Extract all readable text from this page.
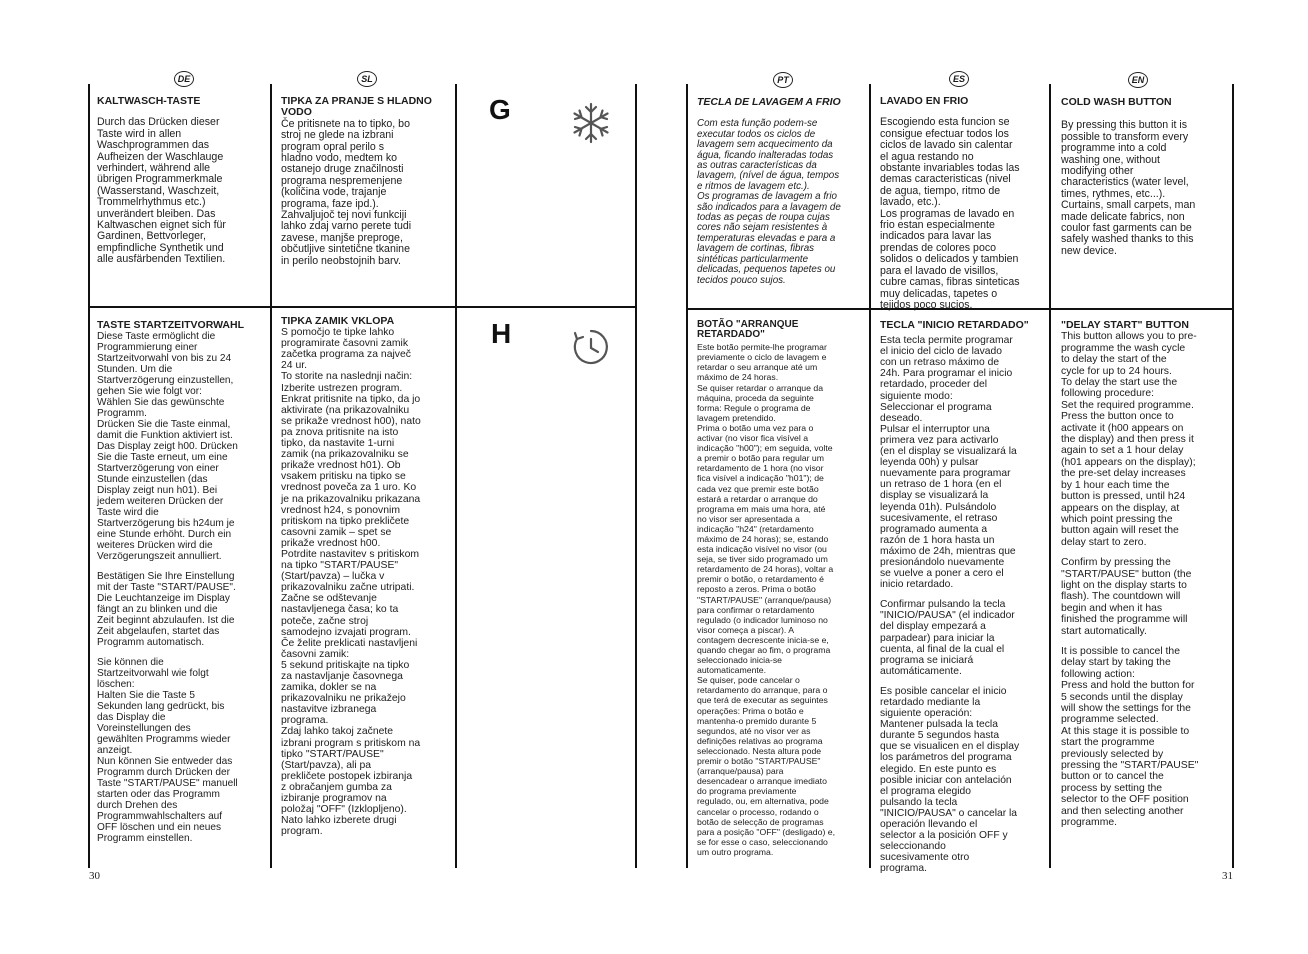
DE	SL
KALTWASCH-TASTE

Durch das Drücken dieser
Taste wird in allen
Waschprogrammen das
Aufheizen der Waschlauge
verhindert, während alle
übrigen Programmerkmale
(Wasserstand, Waschzeit,
Trommelrhythmus etc.)
unverändert bleiben. Das
Kaltwaschen eignet sich für
Gardinen, Bettvorleger,
empfindliche Synthetik und
alle ausfärbenden Textilien.

TASTE STARTZEITVORWAHL

Diese Taste ermöglicht die
Programmierung einer
Startzeitvorwahl von bis zu 24
Stunden. Um die
Startverzögerung einzustellen,
gehen Sie wie folgt vor:
Wählen Sie das gewünschte
Programm.
Drücken Sie die Taste einmal,
damit die Funktion aktiviert ist.
Das Display zeigt h00. Drücken
Sie die Taste erneut, um eine
Startverzögerung von einer
Stunde einzustellen (das
Display zeigt nun h01). Bei
jedem weiteren Drücken der
Taste wird die
Startverzögerung bis h24um je
eine Stunde erhöht. Durch ein
weiteres Drücken wird die
Verzögerungszeit annulliert.

Bestätigen Sie Ihre Einstellung
mit der Taste "START/PAUSE".
Die Leuchtanzeige im Display
fängt an zu blinken und die
Zeit beginnt abzulaufen. Ist die
Zeit abgelaufen, startet das
Programm automatisch.

Sie können die
Startzeitvorwahl wie folgt
löschen:
Halten Sie die Taste 5
Sekunden lang gedrückt, bis
das Display die
Voreinstellungen des
gewählten Programms wieder
anzeigt.
Nun können Sie entweder das
Programm durch Drücken der
Taste "START/PAUSE" manuell
starten oder das Programm
durch Drehen des
Programmwahlschalters auf
OFF löschen und ein neues
Programm einstellen.

TIPKA ZA PRANJE S HLADNO
VODO

Če pritisnete na to tipko, bo
stroj ne glede na izbrani
program opral perilo s
hladno vodo, medtem ko
ostanejo druge značilnosti
programa nespremenjene
(količina vode, trajanje
programa, faze ipd.).
Zahvaljujoč tej novi funkciji
lahko zdaj varno perete tudi
zavese, manjše preproge,
občutljive sintetične tkanine
in perilo neobstojnih barv.

TIPKA ZAMIK VKLOPA

S pomočjo te tipke lahko
programirate časovni zamik
začetka programa za največ
24 ur.
To storite na naslednji način:
Izberite ustrezen program.
Enkrat pritisnite na tipko, da jo
aktivirate (na prikazovalniku
se prikaže vrednost h00), nato
pa znova pritisnite na isto
tipko, da nastavite 1-urni
zamik (na prikazovalniku se
prikaže vrednost h01). Ob
vsakem pritisku na tipko se
vrednost poveča za 1 uro. Ko
je na prikazovalniku prikazana
vrednost h24, s ponovnim
pritiskom na tipko prekličete
casovni zamik – spet se
prikaže vrednost h00.
Potrdite nastavitev s pritiskom
na tipko "START/PAUSE"
(Start/pavza) – lučka v
prikazovalniku začne utripati.
Začne se odštevanje
nastavljenega časa; ko ta
poteče, začne stroj
samodejno izvajati program.
Če želite preklicati nastavljeni
časovni zamik:
5 sekund pritiskajte na tipko
za nastavljanje časovnega
zamika, dokler se na
prikazovalniku ne prikažejo
nastavitve izbranega
programa.
Zdaj lahko takoj začnete
izbrani program s pritiskom na
tipko "START/PAUSE"
(Start/pavza), ali pa
prekličete postopek izbiranja
z obračanjem gumba za
izbiranje programov na
položaj "OFF" (Izklopljeno).
Nato lahko izberete drugi
program.

G
H
30
PT	ES	EN
TECLA DE LAVAGEM A FRIO

Com esta função podem-se
executar todos os ciclos de
lavagem sem acquecimento da
água, ficando inalteradas todas
as outras características da
lavagem, (nível de água, tempos
e ritmos de lavagem etc.).
Os programas de lavagem a frio
são indicados para a lavagem de
todas as peças de roupa cujas
cores não sejam resistentes à
temperaturas elevadas e para a
lavagem de cortinas, fibras
sintéticas particularmente
delicadas, pequenos tapetes ou
tecidos pouco sujos.

BOTÃO "ARRANQUE
RETARDADO"

Este botão permite-lhe programar
previamente o ciclo de lavagem e
retardar o seu arranque até um
máximo de 24 horas.
Se quiser retardar o arranque da
máquina, proceda da seguinte
forma: Regule o programa de
lavagem pretendido.
Prima o botão uma vez para o
activar (no visor fica visível a
indicação "h00"); em seguida, volte
a premir o botão para regular um
retardamento de 1 hora (no visor
fica visível a indicação "h01"); de
cada vez que premir este botão
estará a retardar o arranque do
programa em mais uma hora, até
no visor ser apresentada a
indicação "h24" (retardamento
máximo de 24 horas); se, estando
esta indicação visível no visor (ou
seja, se tiver sido programado um
retardamento de 24 horas), voltar a
premir o botão, o retardamento é
reposto a zeros. Prima o botão
"START/PAUSE" (arranque/pausa)
para confirmar o retardamento
regulado (o indicador luminoso no
visor começa a piscar). A
contagem decrescente inicia-se e,
quando chegar ao fim, o programa
seleccionado inicia-se
automaticamente.
Se quiser, pode cancelar o
retardamento do arranque, para o
que terá de executar as seguintes
operações: Prima o botão e
mantenha-o premido durante 5
segundos, até no visor ver as
definições relativas ao programa
seleccionado. Nesta altura pode
premir o botão "START/PAUSE"
(arranque/pausa) para
desencadear o arranque imediato
do programa previamente
regulado, ou, em alternativa, pode
cancelar o processo, rodando o
botão de selecção de programas
para a posição "OFF" (desligado) e,
se for esse o caso, seleccionando
um outro programa.

LAVADO EN FRIO

Escogiendo esta funcion se
consigue efectuar todos los
ciclos de lavado sin calentar
el agua restando no
obstante invariables todas las
demas caracteristicas (nivel
de agua, tiempo, ritmo de
lavado, etc.).
Los programas de lavado en
frio estan especialmente
indicados para lavar las
prendas de colores poco
solidos o delicados y tambien
para el lavado de visillos,
cubre camas, fibras sinteticas
muy delicadas, tapetes o
tejidos poco sucios.

TECLA "INICIO RETARDADO"

Esta tecla permite programar
el inicio del ciclo de lavado
con un retraso máximo de
24h. Para programar el inicio
retardado, proceder del
siguiente modo:
Seleccionar el programa
deseado.
Pulsar el interruptor una
primera vez para activarlo
(en el display se visualizará la
leyenda 00h) y pulsar
nuevamente para programar
un retraso de 1 hora (en el
display se visualizará la
leyenda 01h). Pulsándolo
sucesivamente, el retraso
programado aumenta a
razón de 1 hora hasta un
máximo de 24h, mientras que
presionándolo nuevamente
se vuelve a poner a cero el
inicio retardado.

Confirmar pulsando la tecla
"INICIO/PAUSA" (el indicador
del display empezará a
parpadear) para iniciar la
cuenta, al final de la cual el
programa se iniciará
automáticamente.

Es posible cancelar el inicio
retardado mediante la
siguiente operación:
Mantener pulsada la tecla
durante 5 segundos hasta
que se visualicen en el display
los parámetros del programa
elegido. En este punto es
posible iniciar con antelación
el programa elegido
pulsando la tecla
"INICIO/PAUSA" o cancelar la
operación llevando el
selector a la posición OFF y
seleccionando
sucesivamente otro
programa.

COLD WASH BUTTON

By pressing this button it is
possible to transform every
programme into a cold
washing one, without
modifying other
characteristics (water level,
times, rythmes, etc...).
Curtains, small carpets, man
made delicate fabrics, non
coulor fast garments can be
safely washed thanks to this
new device.

"DELAY START" BUTTON

This button allows you to pre-
programme the wash cycle
to delay the start of the
cycle for up to 24 hours.
To delay the start use the
following procedure:
Set the required programme.
Press the button once to
activate it (h00 appears on
the display) and then press it
again to set a 1 hour delay
(h01 appears on the display);
the pre-set delay increases
by 1 hour each time the
button is pressed, until h24
appears on the display, at
which point pressing the
button again will reset the
delay start to zero.

Confirm by pressing the
"START/PAUSE" button (the
light on the display starts to
flash). The countdown will
begin and when it has
finished the programme will
start automatically.

It is possible to cancel the
delay start by taking the
following action:
Press and hold the button for
5 seconds until the display
will show the settings for the
programme selected.
At this stage it is possible to
start the programme
previously selected by
pressing the "START/PAUSE"
button or to cancel the
process by setting the
selector to the OFF position
and then selecting another
programme.

31
